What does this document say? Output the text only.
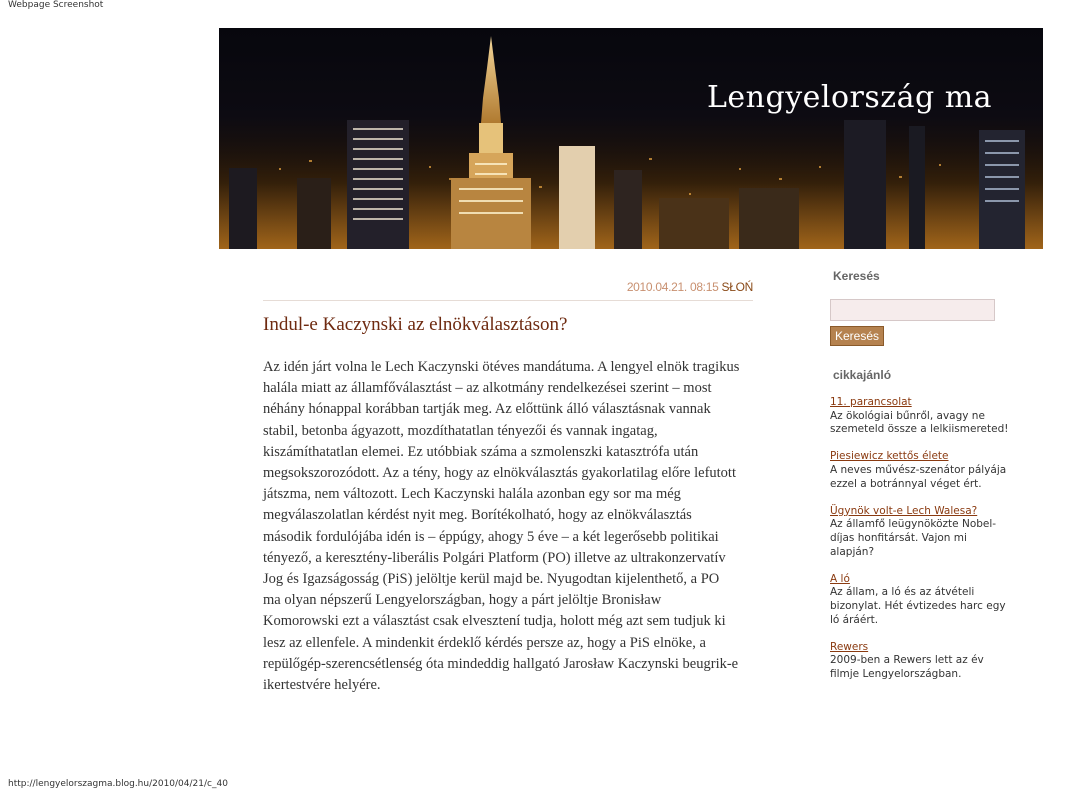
Webpage Screenshot
Lengyelország ma
2010.04.21. 08:15 SŁOŃ
Indul-e Kaczynski az elnökválasztáson?
Az idén járt volna le Lech Kaczynski ötéves mandátuma. A lengyel elnök tragikus
halála miatt az államfőválasztást – az alkotmány rendelkezései szerint – most
néhány hónappal korábban tartják meg. Az előttünk álló választásnak vannak
stabil, betonba ágyazott, mozdíthatatlan tényezői és vannak ingatag,
kiszámíthatatlan elemei. Ez utóbbiak száma a szmolenszki katasztrófa után
megsokszorozódott. Az a tény, hogy az elnökválasztás gyakorlatilag előre lefutott
játszma, nem változott. Lech Kaczynski halála azonban egy sor ma még
megválaszolatlan kérdést nyit meg. Borítékolható, hogy az elnökválasztás
második fordulójába idén is – éppúgy, ahogy 5 éve – a két legerősebb politikai
tényező, a keresztény-liberális Polgári Platform (PO) illetve az ultrakonzervatív
Jog és Igazságosság (PiS) jelöltje kerül majd be. Nyugodtan kijelenthető, a PO
ma olyan népszerű Lengyelországban, hogy a párt jelöltje Bronisław
Komorowski ezt a választást csak elvesztení tudja, holott még azt sem tudjuk ki
lesz az ellenfele. A mindenkit érdeklő kérdés persze az, hogy a PiS elnöke, a
repülőgép-szerencsétlenség óta mindeddig hallgató Jarosław Kaczynski beugrik-e
ikertestvére helyére.
Keresés
Keresés
cikkajánló
11. parancsolat
Az ökológiai bűnről, avagy ne szemeteld össze a lelkiismereted!
Piesiewicz kettős élete
A neves művész-szenátor pályája ezzel a botránnyal véget ért.
Ügynök volt-e Lech Walesa?
Az államfő leügynöközte Nobel-díjas honfitársát. Vajon mi alapján?
A ló
Az állam, a ló és az átvételi bizonylat. Hét évtizedes harc egy ló áráért.
Rewers
2009-ben a Rewers lett az év filmje Lengyelországban.
http://lengyelorszagma.blog.hu/2010/04/21/c_40
